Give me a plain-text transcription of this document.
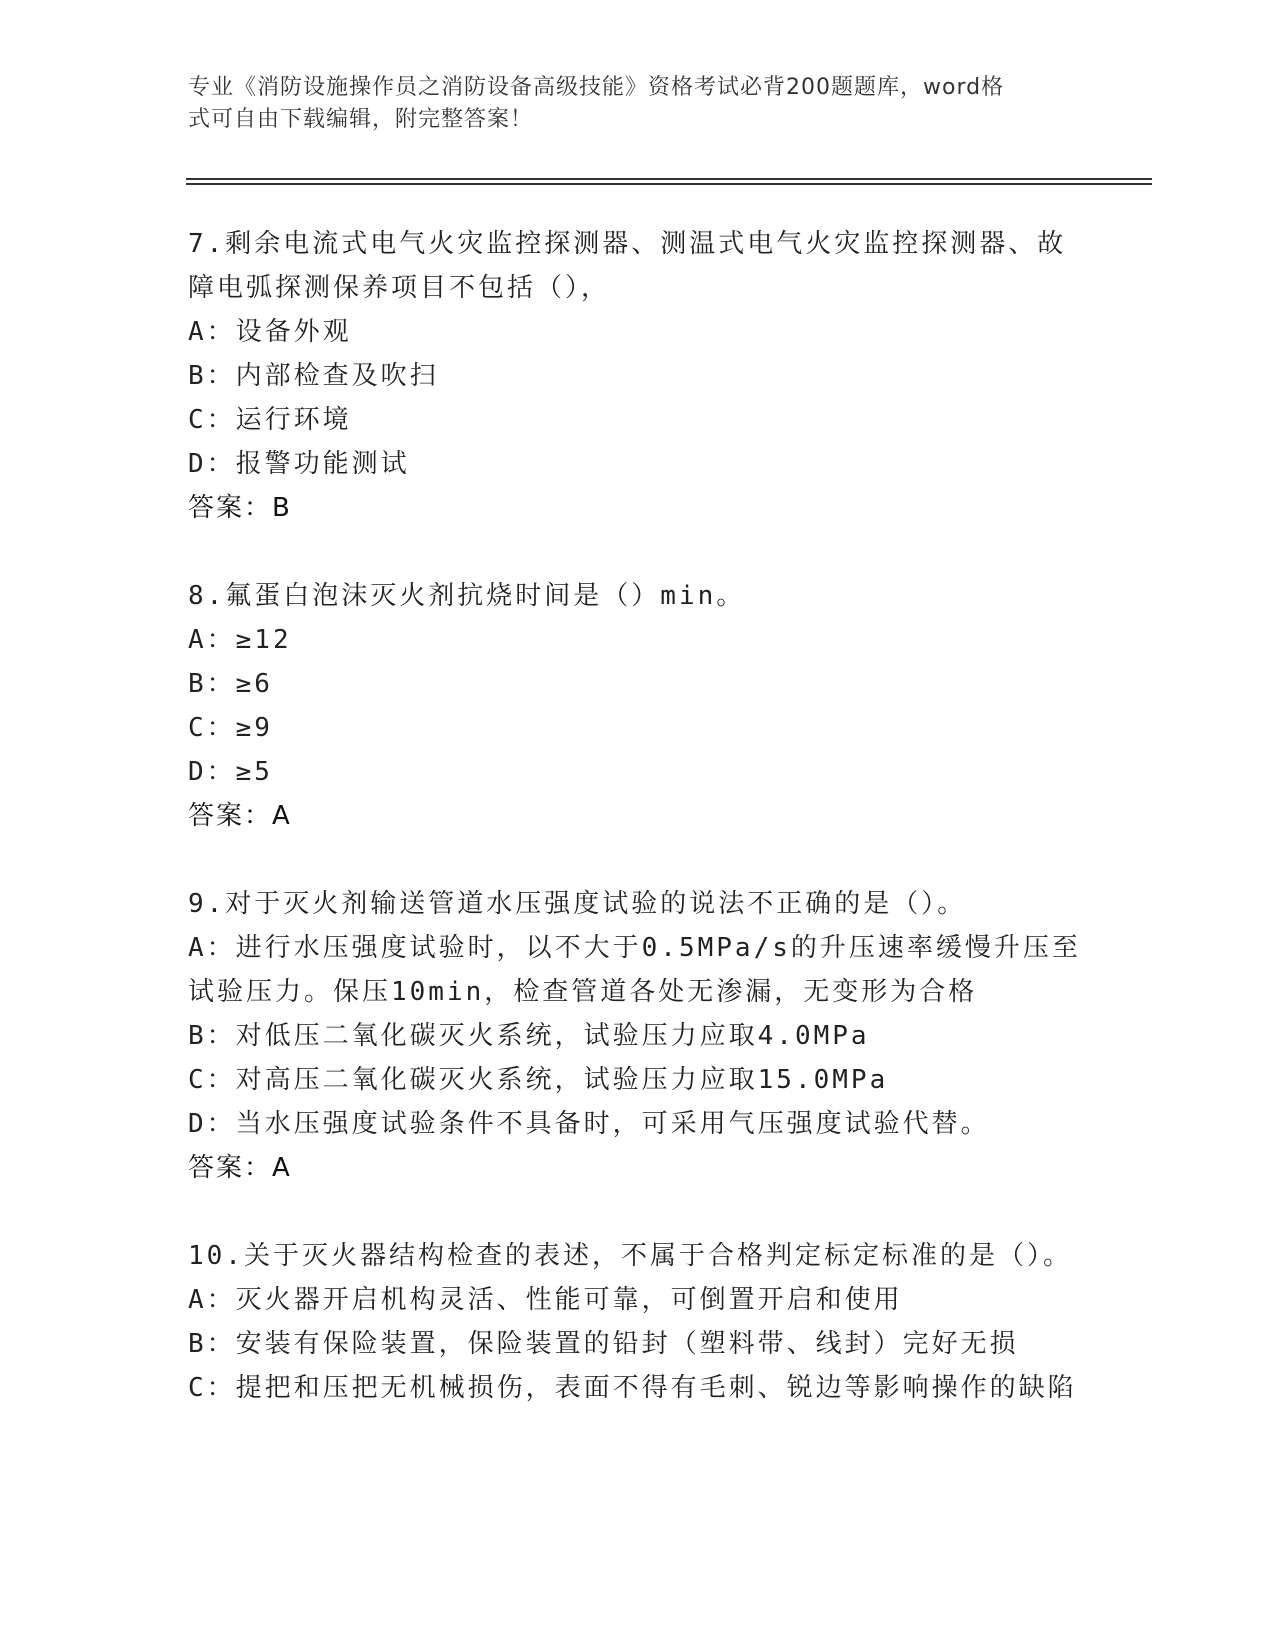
专业《消防设施操作员之消防设备高级技能》资格考试必背200题题库，word格
式可自由下载编辑，附完整答案！
7.剩余电流式电气火灾监控探测器、测温式电气火灾监控探测器、故
障电弧探测保养项目不包括（），
A：设备外观
B：内部检查及吹扫
C：运行环境
D：报警功能测试
答案：B
8.氟蛋白泡沫灭火剂抗烧时间是（）min。
A：≥12
B：≥6
C：≥9
D：≥5
答案：A
9.对于灭火剂输送管道水压强度试验的说法不正确的是（）。
A：进行水压强度试验时，以不大于0.5MPa/s的升压速率缓慢升压至
试验压力。保压10min，检查管道各处无渗漏，无变形为合格
B：对低压二氧化碳灭火系统，试验压力应取4.0MPa
C：对高压二氧化碳灭火系统，试验压力应取15.0MPa
D：当水压强度试验条件不具备时，可采用气压强度试验代替。
答案：A
10.关于灭火器结构检查的表述，不属于合格判定标定标准的是（）。
A：灭火器开启机构灵活、性能可靠，可倒置开启和使用
B：安装有保险装置，保险装置的铅封（塑料带、线封）完好无损
C：提把和压把无机械损伤，表面不得有毛刺、锐边等影响操作的缺陷
